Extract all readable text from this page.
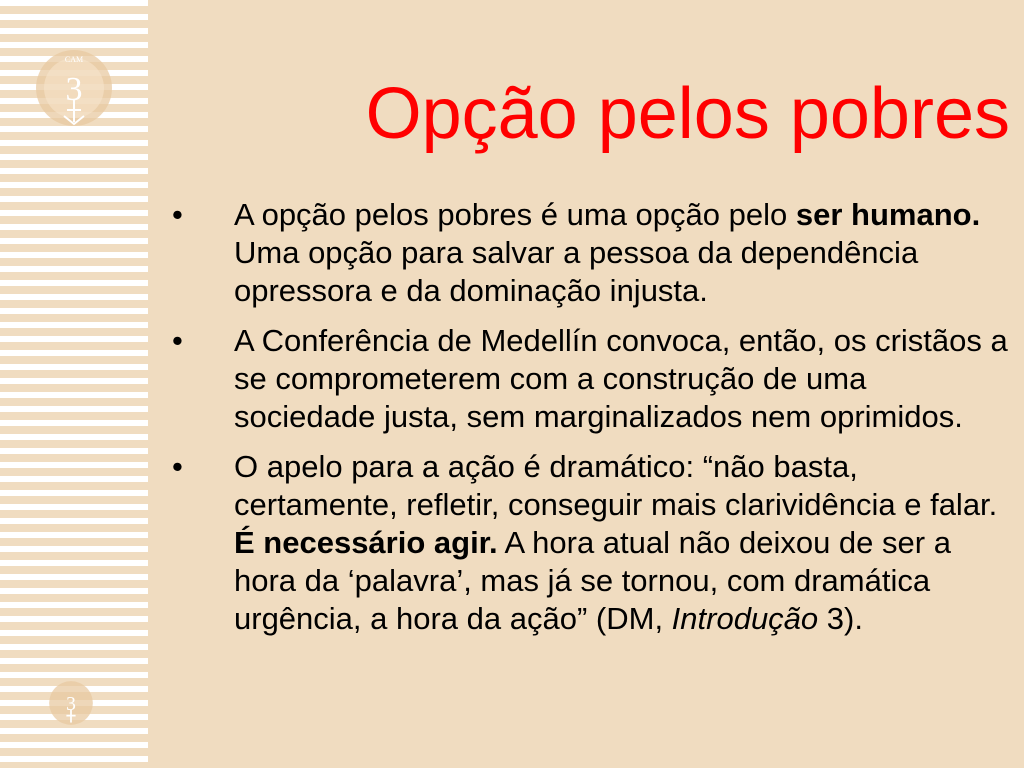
CAM
3
3
Opção pelos pobres
• A opção pelos pobres é uma opção pelo ser humano. Uma opção para salvar a pessoa da dependência opressora e da dominação injusta.
• A Conferência de Medellín convoca, então, os cristãos a se comprometerem com a construção de uma sociedade justa, sem marginalizados nem oprimidos.
• O apelo para a ação é dramático: “não basta, certamente, refletir, conseguir mais clarividência e falar. É necessário agir. A hora atual não deixou de ser a hora da ‘palavra’, mas já se tornou, com dramática urgência, a hora da ação” (DM, Introdução 3).
